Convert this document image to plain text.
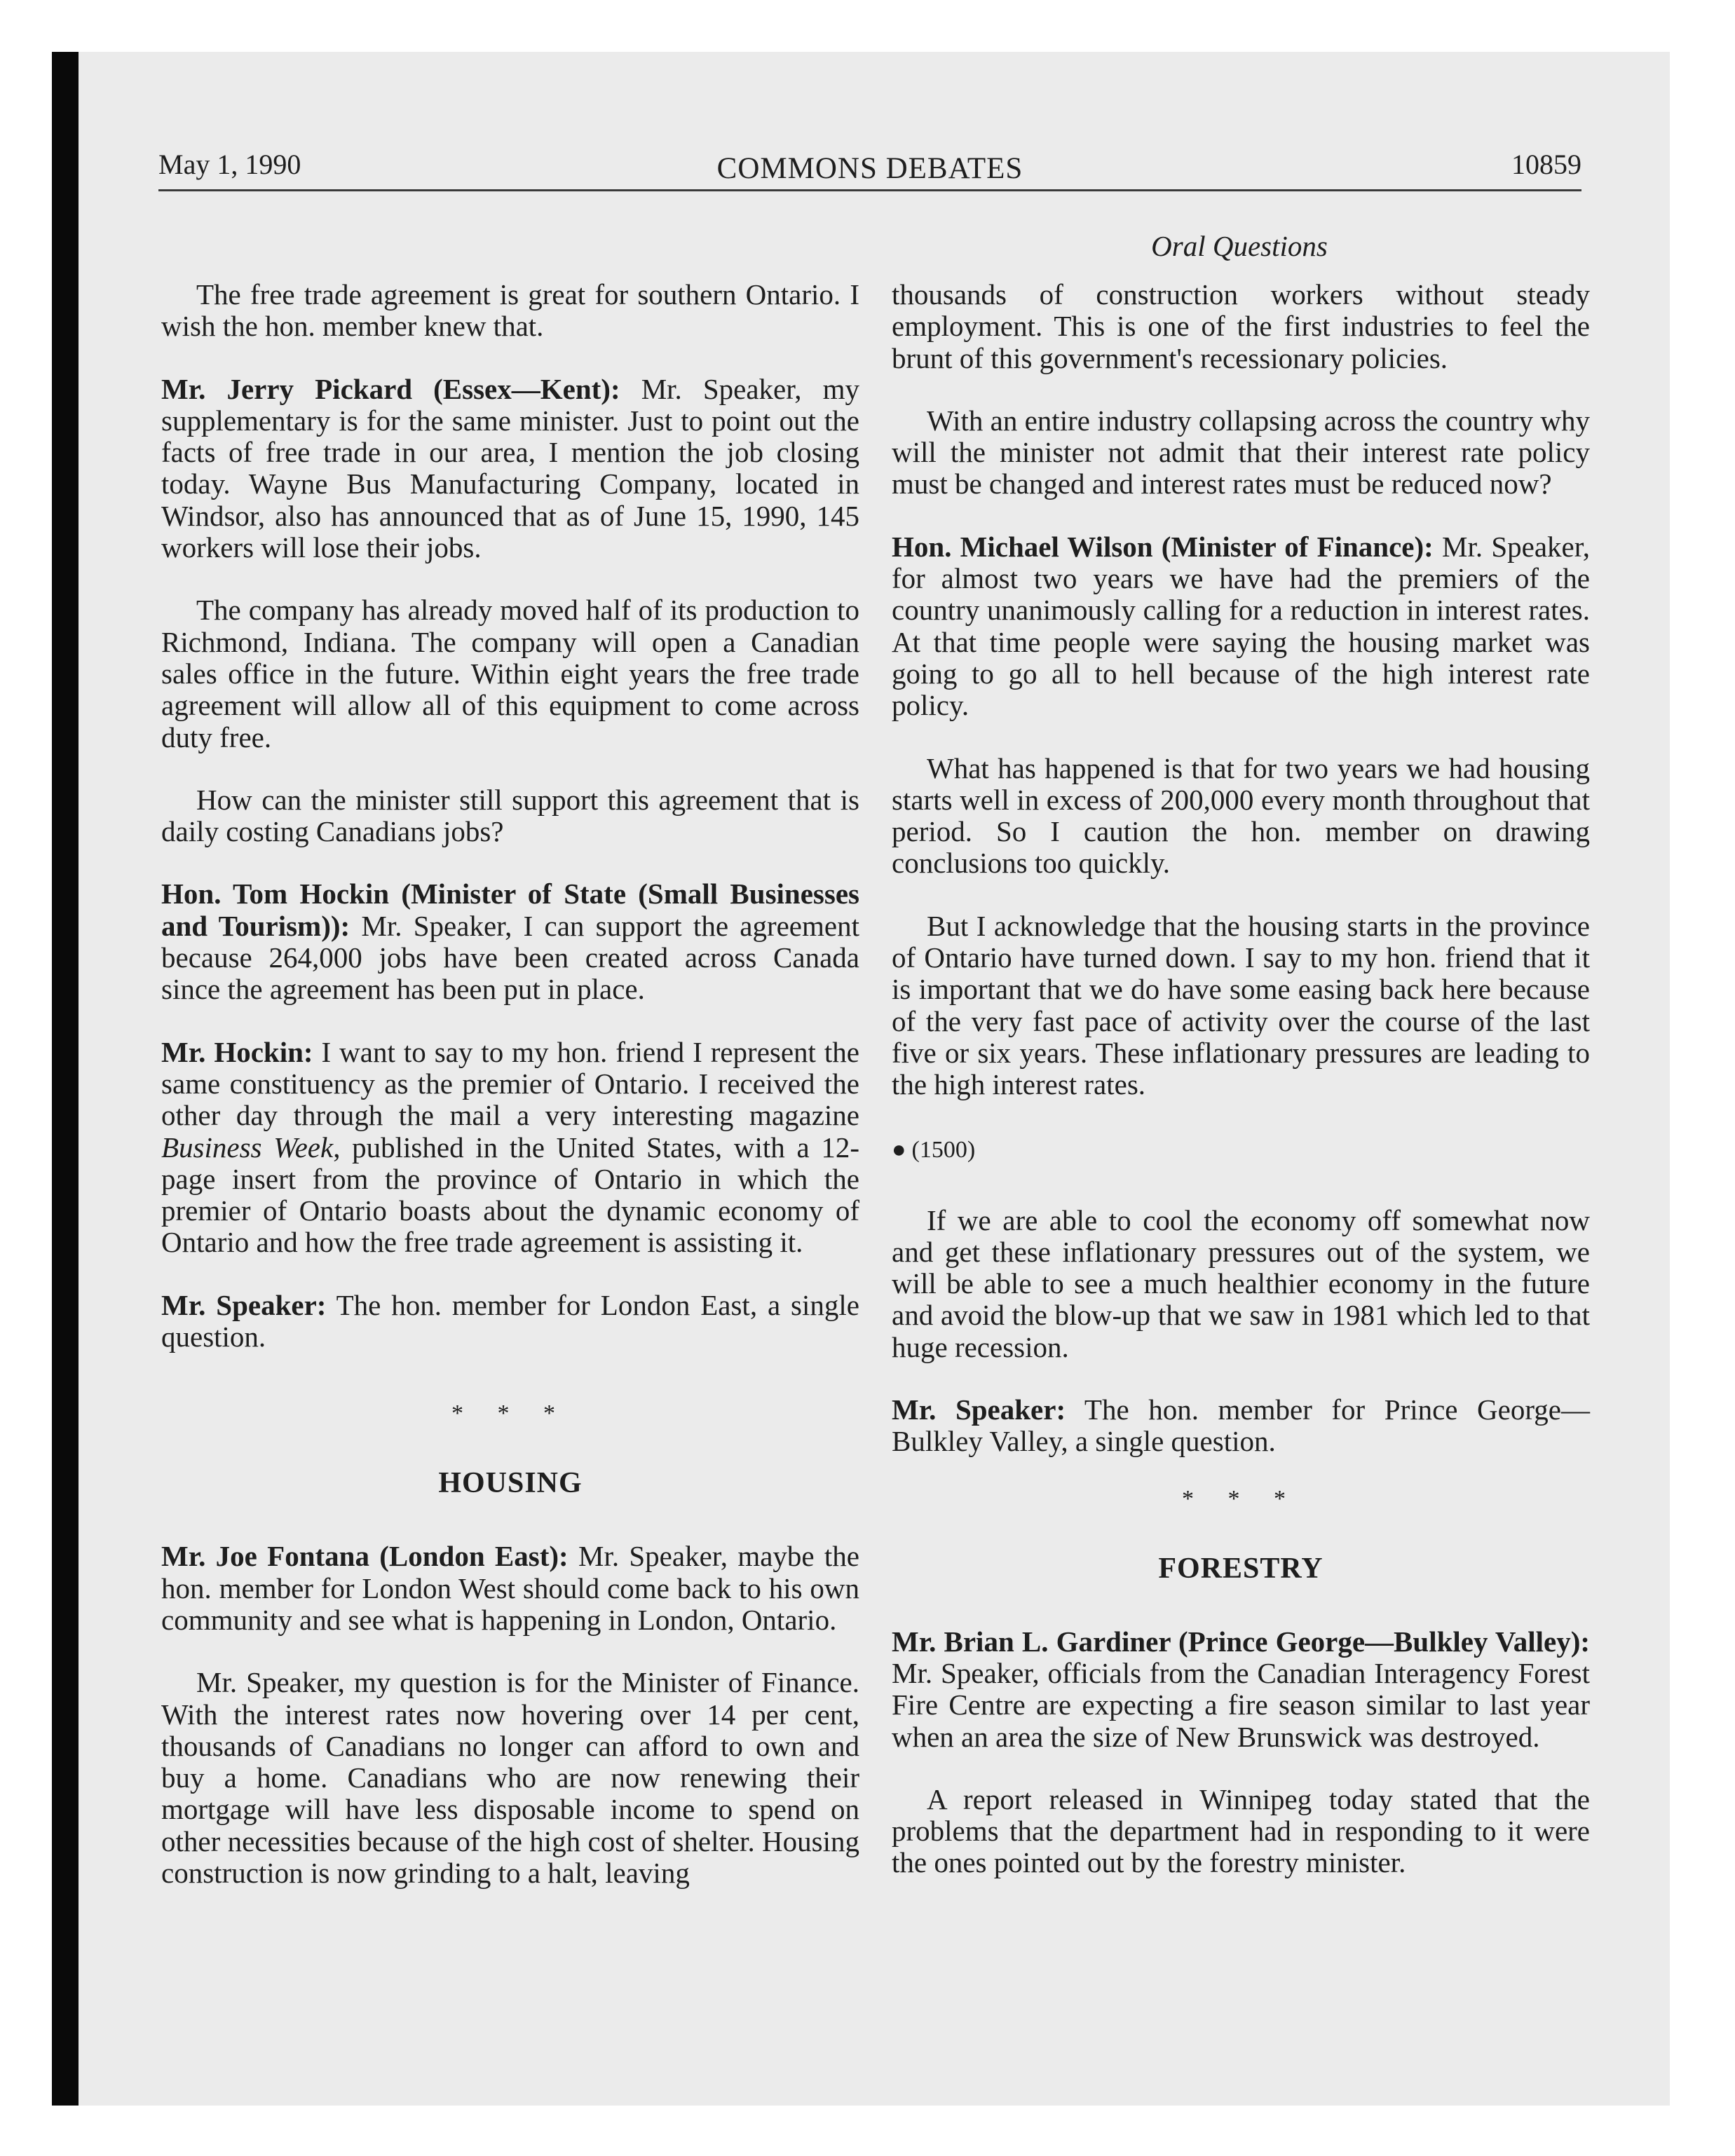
May 1, 1990	COMMONS DEBATES	10859
Oral Questions

The free trade agreement is great for southern Ontario. I wish the hon. member knew that.

Mr. Jerry Pickard (Essex—Kent): Mr. Speaker, my supplementary is for the same minister. Just to point out the facts of free trade in our area, I mention the job closing today. Wayne Bus Manufacturing Company, located in Windsor, also has announced that as of June 15, 1990, 145 workers will lose their jobs.

The company has already moved half of its production to Richmond, Indiana. The company will open a Canadian sales office in the future. Within eight years the free trade agreement will allow all of this equipment to come across duty free.

How can the minister still support this agreement that is daily costing Canadians jobs?

Hon. Tom Hockin (Minister of State (Small Businesses and Tourism)): Mr. Speaker, I can support the agreement because 264,000 jobs have been created across Canada since the agreement has been put in place.

Mr. Hockin: I want to say to my hon. friend I represent the same constituency as the premier of Ontario. I received the other day through the mail a very interesting magazine Business Week, published in the United States, with a 12-page insert from the province of Ontario in which the premier of Ontario boasts about the dynamic economy of Ontario and how the free trade agreement is assisting it.

Mr. Speaker: The hon. member for London East, a single question.

* * *
HOUSING

Mr. Joe Fontana (London East): Mr. Speaker, maybe the hon. member for London West should come back to his own community and see what is happening in London, Ontario.

Mr. Speaker, my question is for the Minister of Finance. With the interest rates now hovering over 14 per cent, thousands of Canadians no longer can afford to own and buy a home. Canadians who are now renewing their mortgage will have less disposable income to spend on other necessities because of the high cost of shelter. Housing construction is now grinding to a halt, leaving

thousands of construction workers without steady employment. This is one of the first industries to feel the brunt of this government's recessionary policies.

With an entire industry collapsing across the country why will the minister not admit that their interest rate policy must be changed and interest rates must be reduced now?

Hon. Michael Wilson (Minister of Finance): Mr. Speaker, for almost two years we have had the premiers of the country unanimously calling for a reduction in interest rates. At that time people were saying the housing market was going to go all to hell because of the high interest rate policy.

What has happened is that for two years we had housing starts well in excess of 200,000 every month throughout that period. So I caution the hon. member on drawing conclusions too quickly.

But I acknowledge that the housing starts in the province of Ontario have turned down. I say to my hon. friend that it is important that we do have some easing back here because of the very fast pace of activity over the course of the last five or six years. These inflationary pressures are leading to the high interest rates.

● (1500)

If we are able to cool the economy off somewhat now and get these inflationary pressures out of the system, we will be able to see a much healthier economy in the future and avoid the blow-up that we saw in 1981 which led to that huge recession.

Mr. Speaker: The hon. member for Prince George—Bulkley Valley, a single question.

* * *
FORESTRY

Mr. Brian L. Gardiner (Prince George—Bulkley Valley): Mr. Speaker, officials from the Canadian Interagency Forest Fire Centre are expecting a fire season similar to last year when an area the size of New Brunswick was destroyed.

A report released in Winnipeg today stated that the problems that the department had in responding to it were the ones pointed out by the forestry minister.
